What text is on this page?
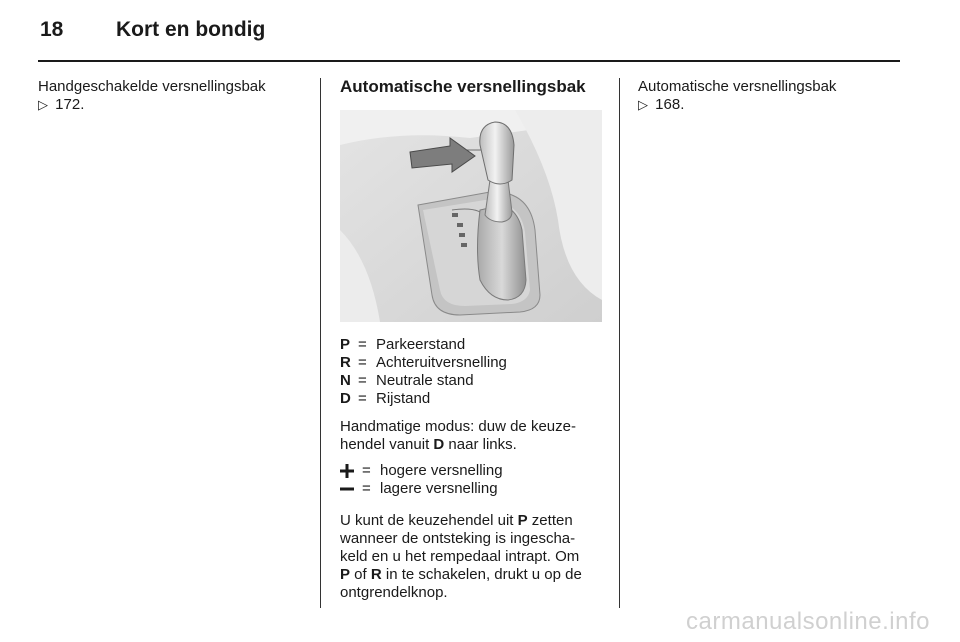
18	Kort en bondig
Handgeschakelde versnellingsbak
▷ 172.
Automatische versnellingsbak
P = Parkeerstand
R = Achteruitversnelling
N = Neutrale stand
D = Rijstand
Handmatige modus: duw de keuze-
hendel vanuit D naar links.
= hogere versnelling
= lagere versnelling
U kunt de keuzehendel uit P zetten
wanneer de ontsteking is ingescha-
keld en u het rempedaal intrapt. Om
P of R in te schakelen, drukt u op de
ontgrendelknop.
Automatische versnellingsbak
▷ 168.
carmanualsonline.info
